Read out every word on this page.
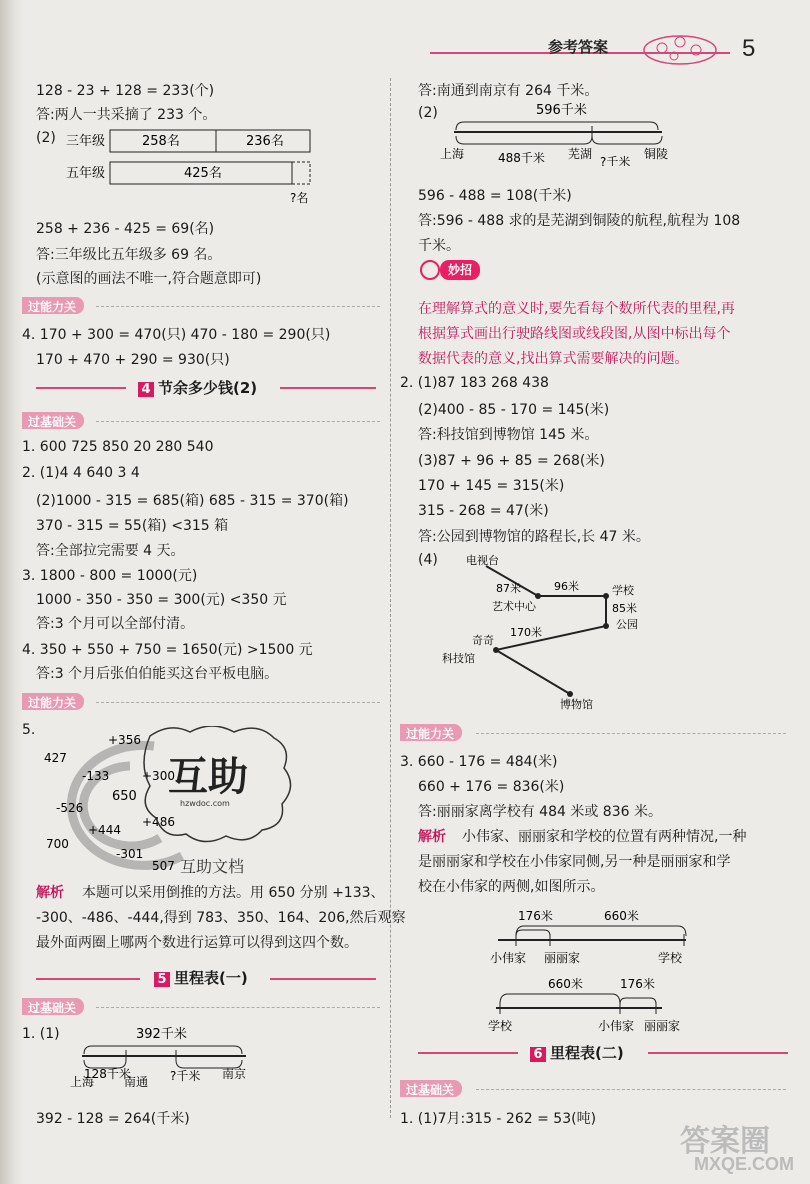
参考答案	5
128 - 23 + 128 = 233(个)
答:两人一共采摘了 233 个。
(2) 三年级	258名	236名
五年级	425名
?名
258 + 236 - 425 = 69(名)
答:三年级比五年级多 69 名。
(示意图的画法不唯一,符合题意即可)
过能力关
4. 170 + 300 = 470(只) 470 - 180 = 290(只)
170 + 470 + 290 = 930(只)
4 节余多少钱(2)
过基础关
1. 600 725 850 20 280 540
2. (1)4 4 640 3 4
(2)1000 - 315 = 685(箱) 685 - 315 = 370(箱)
370 - 315 = 55(箱) <315 箱
答:全部拉完需要 4 天。
3. 1800 - 800 = 1000(元)
1000 - 350 - 350 = 300(元) <350 元
答:3 个月可以全部付清。
4. 350 + 550 + 750 = 1650(元) >1500 元
答:3 个月后张伯伯能买这台平板电脑。
过能力关
5.
650
+356
427
-133	+300
-526
+486
+444
700
-301
507
互助
hzwdoc.com
互助文档
解析 本题可以采用倒推的方法。用 650 分别 +133、
-300、-486、-444,得到 783、350、164、206,然后观察
最外面两圈上哪两个数进行运算可以得到这四个数。
5 里程表(一)
过基础关
1. (1)	392千米
128千米	?千米
上海 南通
南京
392 - 128 = 264(千米)
答:南通到南京有 264 千米。
(2)	596千米
上海	488千米 芜湖
?千米
铜陵
596 - 488 = 108(千米)
答:596 - 488 求的是芜湖到铜陵的航程,航程为 108
千米。
妙招
在理解算式的意义时,要先看每个数所代表的里程,再
根据算式画出行驶路线图或线段图,从图中标出每个
数据代表的意义,找出算式需要解决的问题。
2. (1)87 183 268 438
(2)400 - 85 - 170 = 145(米)
答:科技馆到博物馆 145 米。
(3)87 + 96 + 85 = 268(米)
170 + 145 = 315(米)
315 - 268 = 47(米)
答:公园到博物馆的路程长,长 47 米。
(4)	电视台
87米
艺术中心
96米	学校
85米
公园
170米
奇奇
科技馆
博物馆
过能力关
3. 660 - 176 = 484(米)
660 + 176 = 836(米)
答:丽丽家离学校有 484 米或 836 米。
解析 小伟家、丽丽家和学校的位置有两种情况,一种
是丽丽家和学校在小伟家同侧,另一种是丽丽家和学
校在小伟家的两侧,如图所示。
176米	660米
小伟家 丽丽家	学校
660米	176米
学校	小伟家 丽丽家
6 里程表(二)
过基础关
1. (1)7月:315 - 262 = 53(吨)
答案圈
MXQE.COM
